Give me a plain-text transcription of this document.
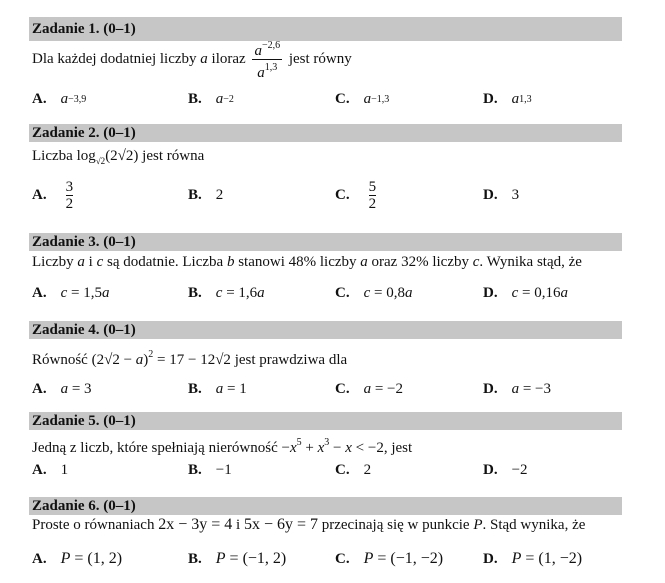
Zadanie 1. (0–1)
Dla każdej dodatniej liczby a iloraz $\frac{a^{-2,6}}{a^{1,3}}$ jest równy
A. a −3,9	B. a −2	C. a −1,3	D. a 1,3
Zadanie 2. (0–1)
Liczba $\log_{√2}(2√2)$ jest równa
A. $\frac{3}{2}$	B. 2	C. $\frac{5}{2}$	D. 3
Zadanie 3. (0–1)
Liczby a i c są dodatnie. Liczba b stanowi 48% liczby a oraz 32% liczby c. Wynika stąd, że
A. c = 1,5 a	B. c = 1,6 a	C. c = 0,8 a	D. c = 0,16 a
Zadanie 4. (0–1)
Równość $(2√2 - a)^2 = 17 - 12√2$ jest prawdziwa dla
A. a = 3	B. a = 1	C. a = −2	D. a = −3
Zadanie 5. (0–1)
Jedną z liczb, które spełniają nierówność $-x^5 + x^3 - x < -2$, jest
A. 1	B. −1	C. 2	D. −2
Zadanie 6. (0–1)
Proste o równaniach 2x − 3y = 4 i 5x − 6y = 7 przecinają się w punkcie P. Stąd wynika, że
A. P = (1, 2)	B. P = (−1, 2)	C. P = (−1, −2)	D. P = (1, −2)
